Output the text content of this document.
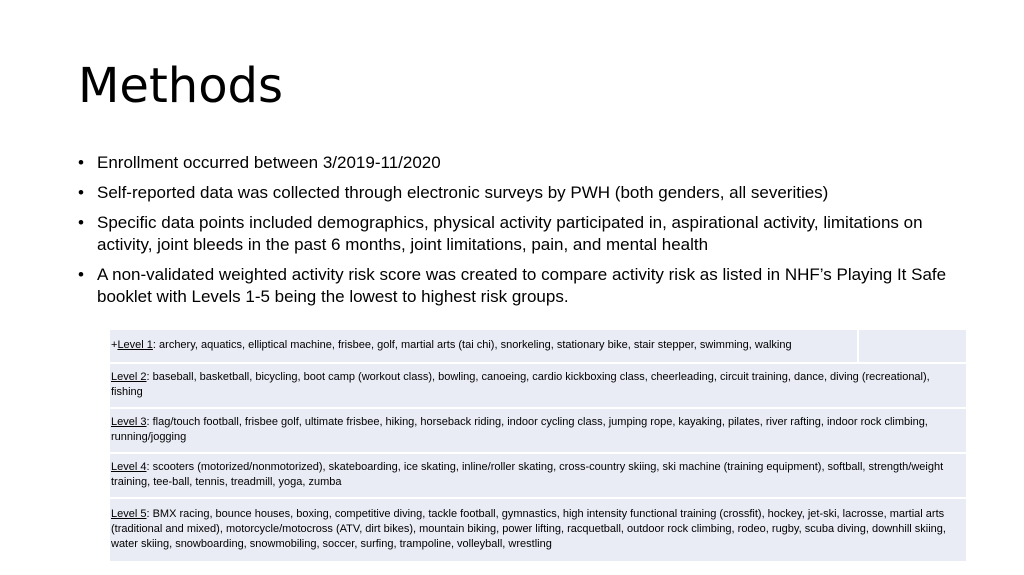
Methods
• Enrollment occurred between 3/2019-11/2020
• Self-reported data was collected through electronic surveys by PWH (both genders, all severities)
• Specific data points included demographics, physical activity participated in, aspirational activity, limitations on activity, joint bleeds in the past 6 months, joint limitations, pain, and mental health
• A non-validated weighted activity risk score was created to compare activity risk as listed in NHF’s Playing It Safe booklet with Levels 1-5 being the lowest to highest risk groups.
+Level 1: archery, aquatics, elliptical machine, frisbee, golf, martial arts (tai chi), snorkeling, stationary bike, stair stepper, swimming, walking	
Level 2: baseball, basketball, bicycling, boot camp (workout class), bowling, canoeing, cardio kickboxing class, cheerleading, circuit training, dance, diving (recreational), fishing
Level 3: flag/touch football, frisbee golf, ultimate frisbee, hiking, horseback riding, indoor cycling class, jumping rope, kayaking, pilates, river rafting, indoor rock climbing, running/jogging
Level 4: scooters (motorized/nonmotorized), skateboarding, ice skating, inline/roller skating, cross-country skiing, ski machine (training equipment), softball, strength/weight training, tee-ball, tennis, treadmill, yoga, zumba
Level 5: BMX racing, bounce houses, boxing, competitive diving, tackle football, gymnastics, high intensity functional training (crossfit), hockey, jet-ski, lacrosse, martial arts (traditional and mixed), motorcycle/motocross (ATV, dirt bikes), mountain biking, power lifting, racquetball, outdoor rock climbing, rodeo, rugby, scuba diving, downhill skiing, water skiing, snowboarding, snowmobiling, soccer, surfing, trampoline, volleyball, wrestling
